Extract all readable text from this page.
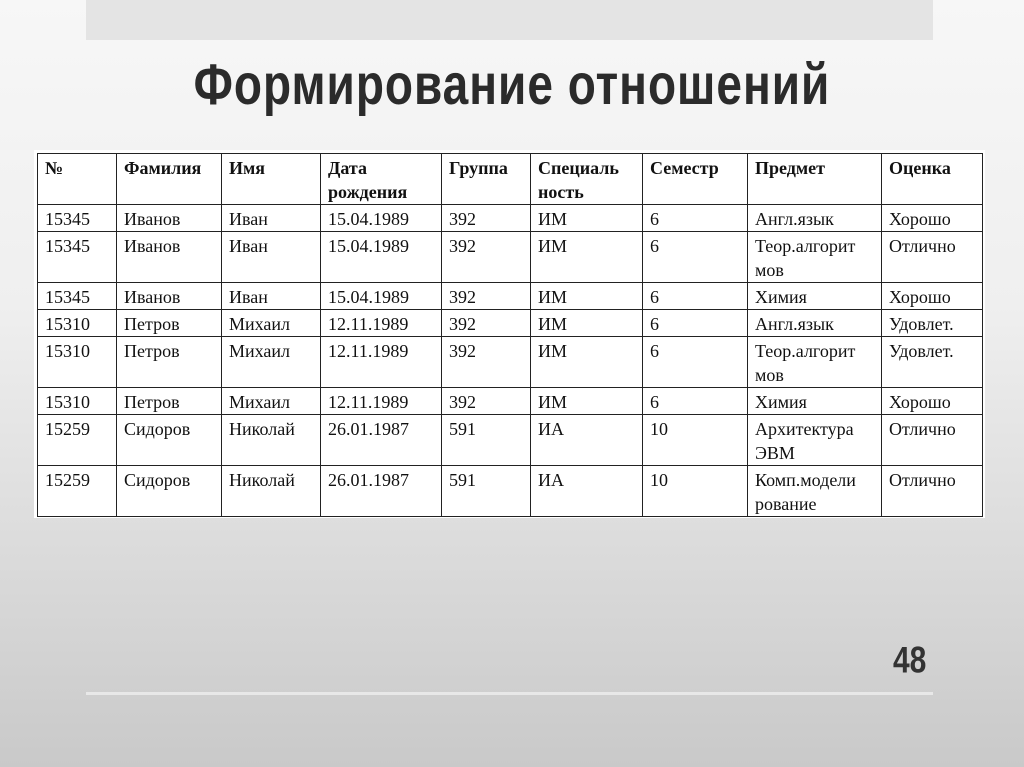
Формирование отношений
№	Фамилия	Имя	Дата рождения	Группа	Специаль ность	Семестр	Предмет	Оценка
15345	Иванов	Иван	15.04.1989	392	ИМ	6	Англ.язык	Хорошо
15345	Иванов	Иван	15.04.1989	392	ИМ	6	Теор.алгорит мов	Отлично
15345	Иванов	Иван	15.04.1989	392	ИМ	6	Химия	Хорошо
15310	Петров	Михаил	12.11.1989	392	ИМ	6	Англ.язык	Удовлет.
15310	Петров	Михаил	12.11.1989	392	ИМ	6	Теор.алгорит мов	Удовлет.
15310	Петров	Михаил	12.11.1989	392	ИМ	6	Химия	Хорошо
15259	Сидоров	Николай	26.01.1987	591	ИА	10	Архитектура ЭВМ	Отлично
15259	Сидоров	Николай	26.01.1987	591	ИА	10	Комп.модели рование	Отлично
48
